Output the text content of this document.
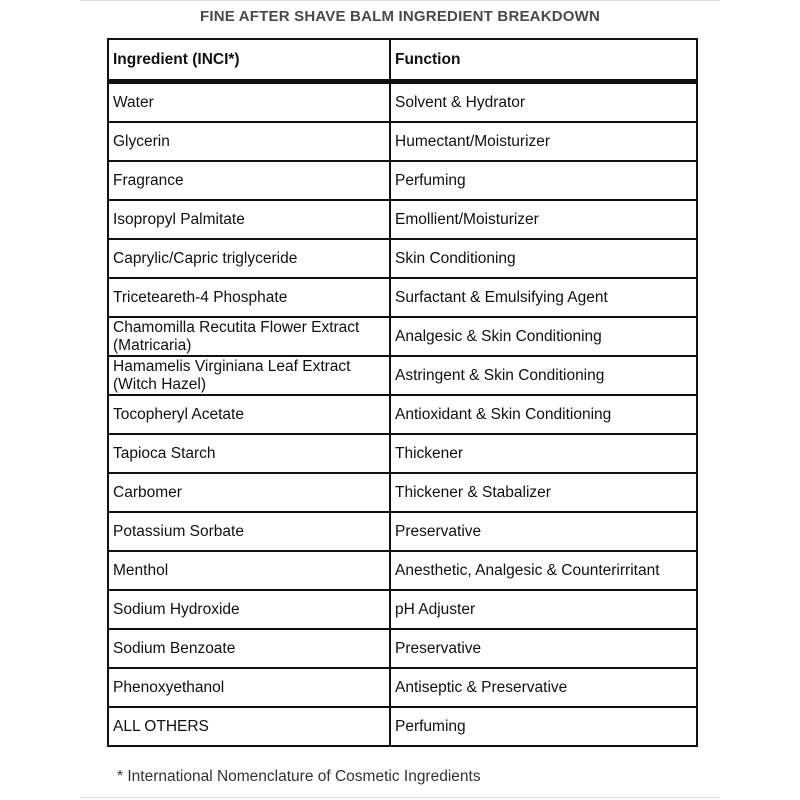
FINE AFTER SHAVE BALM INGREDIENT BREAKDOWN
Ingredient (INCI*)	Function
Water	Solvent & Hydrator
Glycerin	Humectant/Moisturizer
Fragrance	Perfuming
Isopropyl Palmitate	Emollient/Moisturizer
Caprylic/Capric triglyceride	Skin Conditioning
Triceteareth-4 Phosphate	Surfactant & Emulsifying Agent
Chamomilla Recutita Flower Extract (Matricaria)	Analgesic & Skin Conditioning
Hamamelis Virginiana Leaf Extract (Witch Hazel)	Astringent & Skin Conditioning
Tocopheryl Acetate	Antioxidant & Skin Conditioning
Tapioca Starch	Thickener
Carbomer	Thickener & Stabalizer
Potassium Sorbate	Preservative
Menthol	Anesthetic, Analgesic & Counterirritant
Sodium Hydroxide	pH Adjuster
Sodium Benzoate	Preservative
Phenoxyethanol	Antiseptic & Preservative
ALL OTHERS	Perfuming
* International Nomenclature of Cosmetic Ingredients
